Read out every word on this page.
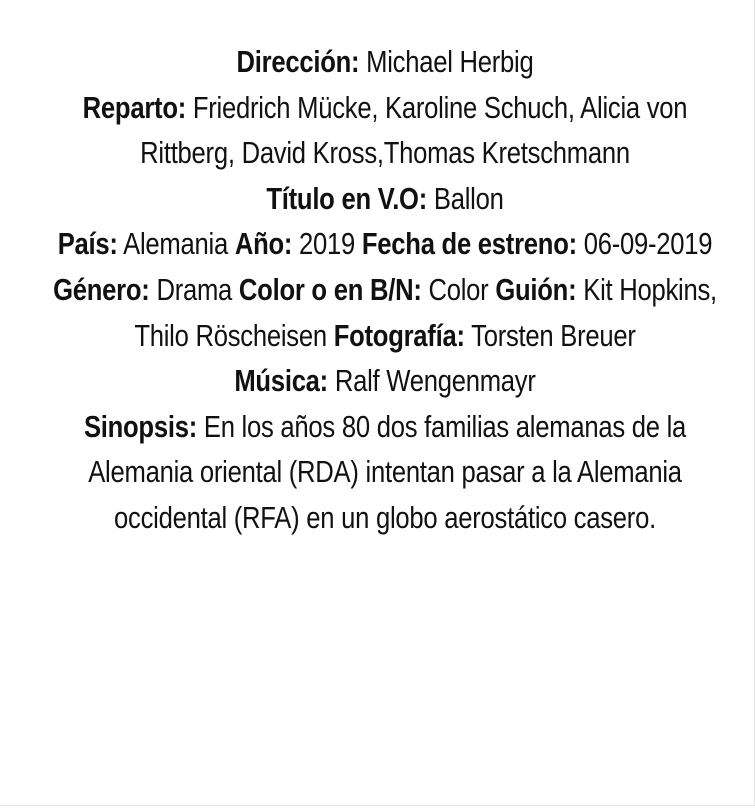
Dirección: Michael Herbig
Reparto: Friedrich Mücke, Karoline Schuch, Alicia von Rittberg, David Kross,Thomas Kretschmann
Título en V.O: Ballon
País: Alemania Año: 2019 Fecha de estreno: 06-09-2019 Género: Drama Color o en B/N: Color Guión: Kit Hopkins, Thilo Röscheisen Fotografía: Torsten Breuer
Música: Ralf Wengenmayr
Sinopsis: En los años 80 dos familias alemanas de la Alemania oriental (RDA) intentan pasar a la Alemania occidental (RFA) en un globo aerostático casero.
